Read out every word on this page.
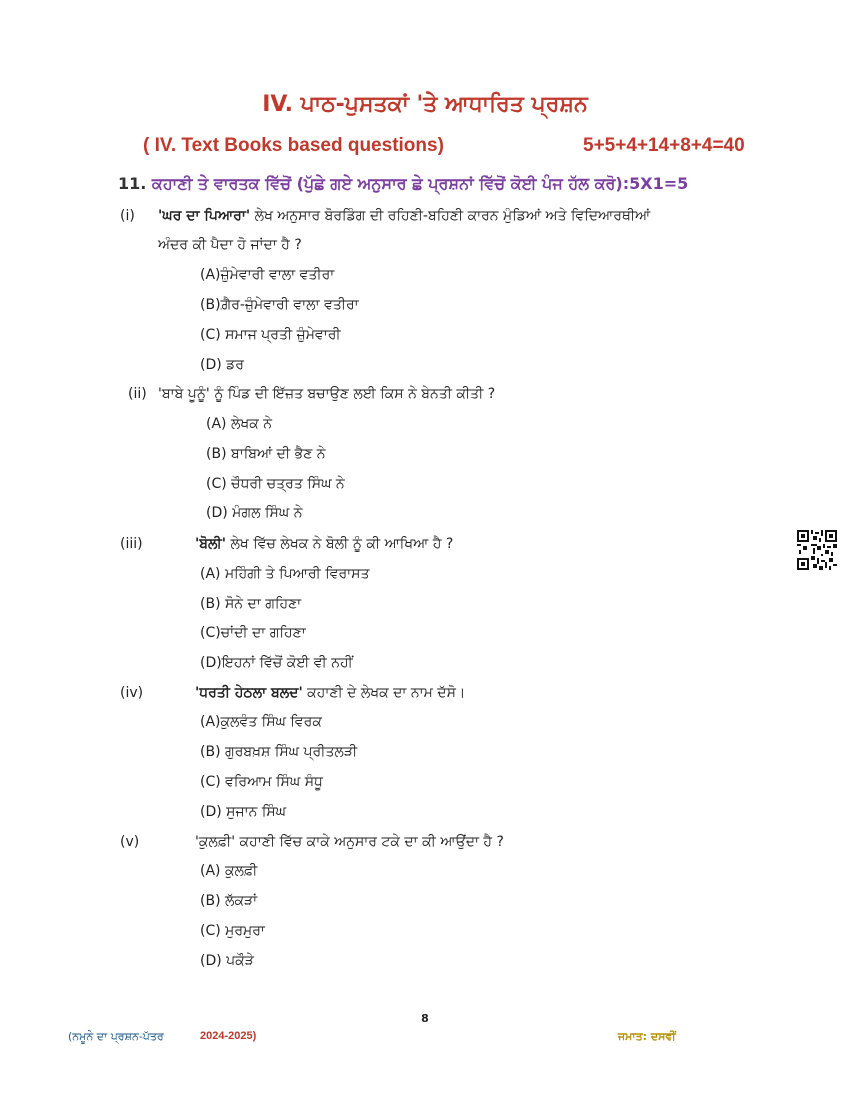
IV. ਪਾਠ-ਪੁਸਤਕਾਂ 'ਤੇ ਆਧਾਰਿਤ ਪ੍ਰਸ਼ਨ
( IV. Text Books based questions)	5+5+4+14+8+4=40
11. ਕਹਾਣੀ ਤੇ ਵਾਰਤਕ ਵਿੱਚੋਂ (ਪੁੱਛੇ ਗਏ ਅਨੁਸਾਰ ਛੇ ਪ੍ਰਸ਼ਨਾਂ ਵਿੱਚੋਂ ਕੋਈ ਪੰਜ ਹੱਲ ਕਰੋ):5X1=5
(i) 'ਘਰ ਦਾ ਪਿਆਰਾ' ਲੇਖ ਅਨੁਸਾਰ ਬੋਰਡਿੰਗ ਦੀ ਰਹਿਣੀ-ਬਹਿਣੀ ਕਾਰਨ ਮੁੰਡਿਆਂ ਅਤੇ ਵਿਦਿਆਰਥੀਆਂ
ਅੰਦਰ ਕੀ ਪੈਦਾ ਹੋ ਜਾਂਦਾ ਹੈ ?
(A)ਜ਼ੁੰਮੇਵਾਰੀ ਵਾਲਾ ਵਤੀਰਾ
(B)ਗ਼ੈਰ-ਜ਼ੁੰਮੇਵਾਰੀ ਵਾਲਾ ਵਤੀਰਾ
(C) ਸਮਾਜ ਪ੍ਰਤੀ ਜ਼ੁੰਮੇਵਾਰੀ
(D) ਡਰ
(ii) 'ਬਾਬੇ ਪੂਨੂੰ' ਨੂੰ ਪਿੰਡ ਦੀ ਇੱਜ਼ਤ ਬਚਾਉਣ ਲਈ ਕਿਸ ਨੇ ਬੇਨਤੀ ਕੀਤੀ ?
(A) ਲੇਖਕ ਨੇ
(B) ਬਾਬਿਆਂ ਦੀ ਭੈਣ ਨੇ
(C) ਚੌਧਰੀ ਚਤ੍ਰਤ ਸਿੰਘ ਨੇ
(D) ਮੰਗਲ ਸਿੰਘ ਨੇ
(iii)	'ਬੋਲੀ' ਲੇਖ ਵਿੱਚ ਲੇਖਕ ਨੇ ਬੋਲੀ ਨੂੰ ਕੀ ਆਖਿਆ ਹੈ ?
(A) ਮਹਿੰਗੀ ਤੇ ਪਿਆਰੀ ਵਿਰਾਸਤ
(B) ਸੋਨੇ ਦਾ ਗਹਿਣਾ
(C)ਚਾਂਦੀ ਦਾ ਗਹਿਣਾ
(D)ਇਹਨਾਂ ਵਿੱਚੋਂ ਕੋਈ ਵੀ ਨਹੀਂ
(iv)	'ਧਰਤੀ ਹੇਠਲਾ ਬਲਦ' ਕਹਾਣੀ ਦੇ ਲੇਖਕ ਦਾ ਨਾਮ ਦੱਸੋ।
(A)ਕੁਲਵੰਤ ਸਿੰਘ ਵਿਰਕ
(B) ਗੁਰਬਖ਼ਸ਼ ਸਿੰਘ ਪ੍ਰੀਤਲੜੀ
(C) ਵਰਿਆਮ ਸਿੰਘ ਸੰਧੂ
(D) ਸੁਜਾਨ ਸਿੰਘ
(v)	'ਕੁਲਫ਼ੀ' ਕਹਾਣੀ ਵਿੱਚ ਕਾਕੇ ਅਨੁਸਾਰ ਟਕੇ ਦਾ ਕੀ ਆਉਂਦਾ ਹੈ ?
(A) ਕੁਲਫ਼ੀ
(B) ਲੱਕੜਾਂ
(C) ਮੁਰਮੁਰਾ
(D) ਪਕੌੜੇ
8
(ਨਮੂਨੇ ਦਾ ਪ੍ਰਸ਼ਨ-ਪੱਤਰ	2024-2025)	ਜਮਾਤ: ਦਸਵੀਂ
